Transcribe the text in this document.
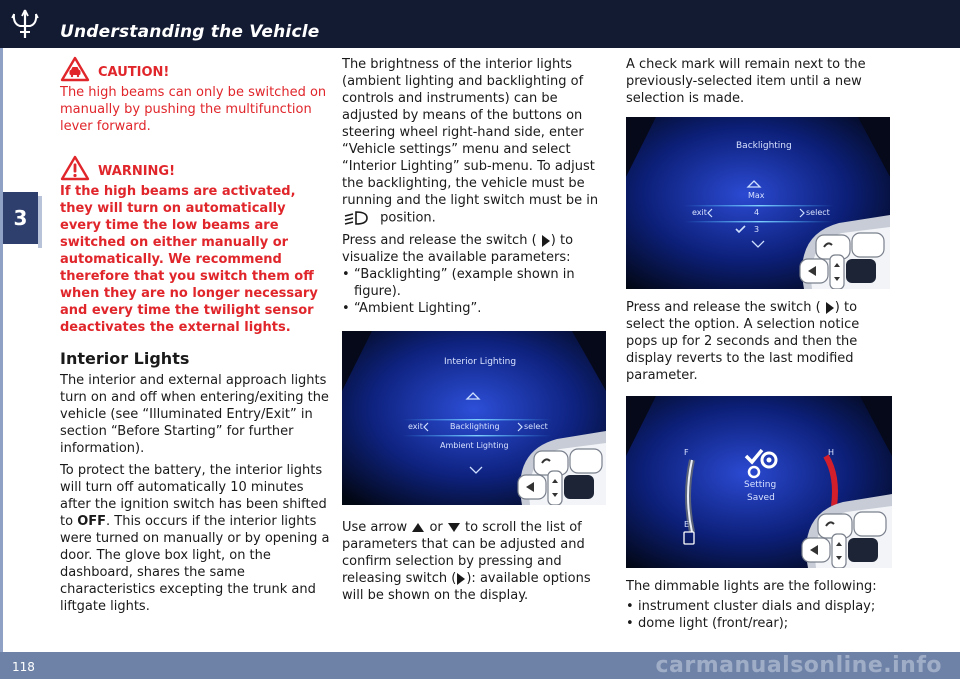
Understanding the Vehicle
3
CAUTION!

The high beams can only be switched on manually by pushing the multifunction lever forward.

WARNING!

If the high beams are activated, they will turn on automatically every time the low beams are switched on either manually or automatically. We recommend therefore that you switch them off when they are no longer necessary and every time the twilight sensor deactivates the external lights.

Interior Lights

The interior and external approach lights turn on and off when entering/exiting the vehicle (see “Illuminated Entry/Exit” in section “Before Starting” for further information).

To protect the battery, the interior lights will turn off automatically 10 minutes after the ignition switch has been shifted to OFF. This occurs if the interior lights were turned on manually or by opening a door. The glove box light, on the dashboard, shares the same characteristics excepting the trunk and liftgate lights.

The brightness of the interior lights (ambient lighting and backlighting of controls and instruments) can be adjusted by means of the buttons on steering wheel right-hand side, enter “Vehicle settings” menu and select “Interior Lighting” sub-menu. To adjust the backlighting, the vehicle must be running and the light switch must be in  position.

Press and release the switch ( ) to visualize the available parameters:

• “Backlighting” (example shown in figure).
• “Ambient Lighting”.
Interior Lighting
exit	Backlighting	select
Ambient Lighting

Use arrow or to scroll the list of parameters that can be adjusted and confirm selection by pressing and releasing switch ( ): available options will be shown on the display.

A check mark will remain next to the previously-selected item until a new selection is made.

Backlighting
Max
exit	4	select
3

Press and release the switch ( ) to select the option. A selection notice pops up for 2 seconds and then the display reverts to the last modified parameter.

F	H
Setting
Saved
E

The dimmable lights are the following:

• instrument cluster dials and display;
• dome light (front/rear);
118	carmanualsonline.info
